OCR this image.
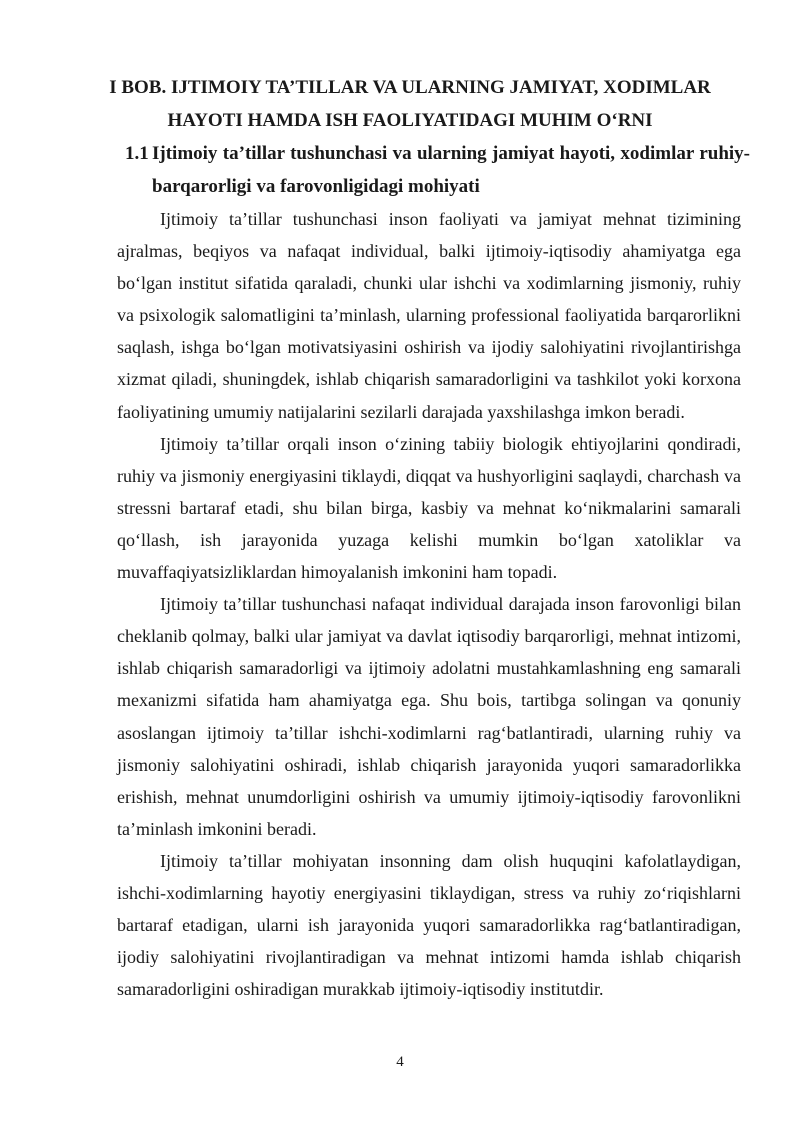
I BOB. IJTIMOIY TA’TILLAR VA ULARNING JAMIYAT, XODIMLAR
HAYOTI HAMDA ISH FAOLIYATIDAGI MUHIM O‘RNI
1.1 Ijtimoiy ta’tillar tushunchasi va ularning jamiyat hayoti, xodimlar ruhiy-barqarorligi va farovonligidagi mohiyati

Ijtimoiy ta’tillar tushunchasi inson faoliyati va jamiyat mehnat tizimining ajralmas, beqiyos va nafaqat individual, balki ijtimoiy-iqtisodiy ahamiyatga ega bo‘lgan institut sifatida qaraladi, chunki ular ishchi va xodimlarning jismoniy, ruhiy va psixologik salomatligini ta’minlash, ularning professional faoliyatida barqarorlikni saqlash, ishga bo‘lgan motivatsiyasini oshirish va ijodiy salohiyatini rivojlantirishga xizmat qiladi, shuningdek, ishlab chiqarish samaradorligini va tashkilot yoki korxona faoliyatining umumiy natijalarini sezilarli darajada yaxshilashga imkon beradi.

Ijtimoiy ta’tillar orqali inson o‘zining tabiiy biologik ehtiyojlarini qondiradi, ruhiy va jismoniy energiyasini tiklaydi, diqqat va hushyorligini saqlaydi, charchash va stressni bartaraf etadi, shu bilan birga, kasbiy va mehnat ko‘nikmalarini samarali qo‘llash, ish jarayonida yuzaga kelishi mumkin bo‘lgan xatoliklar va muvaffaqiyatsizliklardan himoyalanish imkonini ham topadi.

Ijtimoiy ta’tillar tushunchasi nafaqat individual darajada inson farovonligi bilan cheklanib qolmay, balki ular jamiyat va davlat iqtisodiy barqarorligi, mehnat intizomi, ishlab chiqarish samaradorligi va ijtimoiy adolatni mustahkamlashning eng samarali mexanizmi sifatida ham ahamiyatga ega. Shu bois, tartibga solingan va qonuniy asoslangan ijtimoiy ta’tillar ishchi-xodimlarni rag‘batlantiradi, ularning ruhiy va jismoniy salohiyatini oshiradi, ishlab chiqarish jarayonida yuqori samaradorlikka erishish, mehnat unumdorligini oshirish va umumiy ijtimoiy-iqtisodiy farovonlikni ta’minlash imkonini beradi.

Ijtimoiy ta’tillar mohiyatan insonning dam olish huquqini kafolatlaydigan, ishchi-xodimlarning hayotiy energiyasini tiklaydigan, stress va ruhiy zo‘riqishlarni bartaraf etadigan, ularni ish jarayonida yuqori samaradorlikka rag‘batlantiradigan, ijodiy salohiyatini rivojlantiradigan va mehnat intizomi hamda ishlab chiqarish samaradorligini oshiradigan murakkab ijtimoiy-iqtisodiy institutdir.

4
